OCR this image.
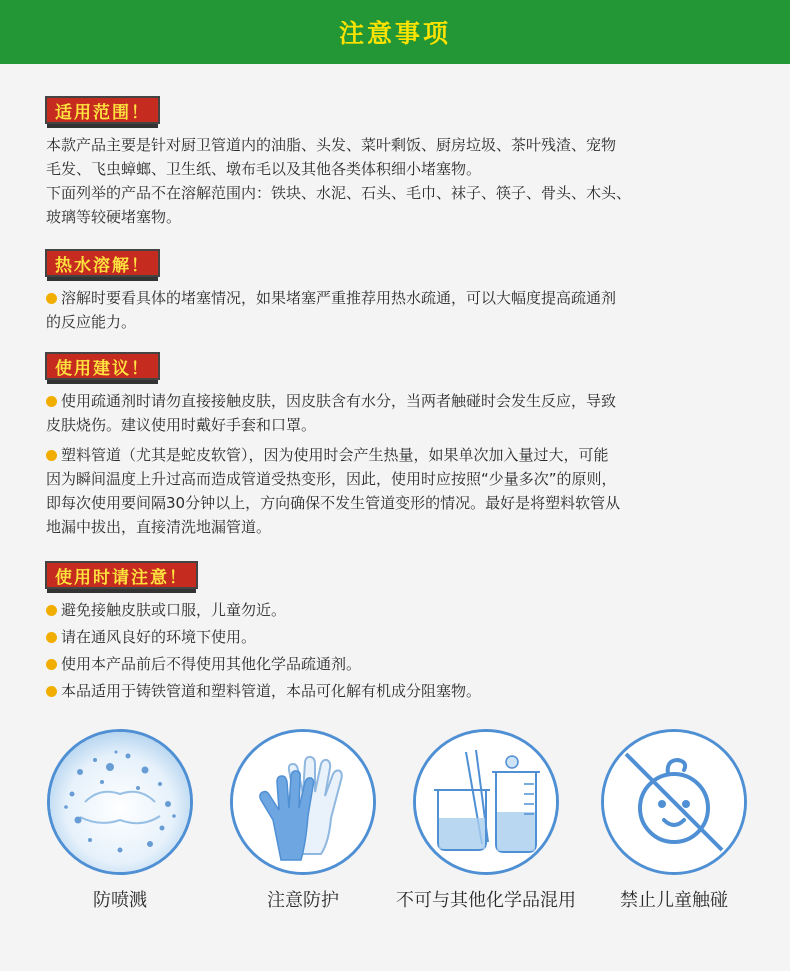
注意事项
适用范围！
本款产品主要是针对厨卫管道内的油脂、头发、菜叶剩饭、厨房垃圾、茶叶残渣、宠物
毛发、飞虫蟑螂、卫生纸、墩布毛以及其他各类体积细小堵塞物。
下面列举的产品不在溶解范围内：铁块、水泥、石头、毛巾、袜子、筷子、骨头、木头、
玻璃等较硬堵塞物。
热水溶解！
溶解时要看具体的堵塞情况，如果堵塞严重推荐用热水疏通，可以大幅度提高疏通剂
的反应能力。
使用建议！
使用疏通剂时请勿直接接触皮肤，因皮肤含有水分，当两者触碰时会发生反应，导致
皮肤烧伤。建议使用时戴好手套和口罩。
塑料管道（尤其是蛇皮软管），因为使用时会产生热量，如果单次加入量过大，可能
因为瞬间温度上升过高而造成管道受热变形，因此，使用时应按照“少量多次”的原则，
即每次使用要间隔30分钟以上，方向确保不发生管道变形的情况。最好是将塑料软管从
地漏中拔出，直接清洗地漏管道。
使用时请注意！
避免接触皮肤或口服，儿童勿近。
请在通风良好的环境下使用。
使用本产品前后不得使用其他化学品疏通剂。
本品适用于铸铁管道和塑料管道，本品可化解有机成分阻塞物。
防喷溅	注意防护	不可与其他化学品混用	禁止儿童触碰
